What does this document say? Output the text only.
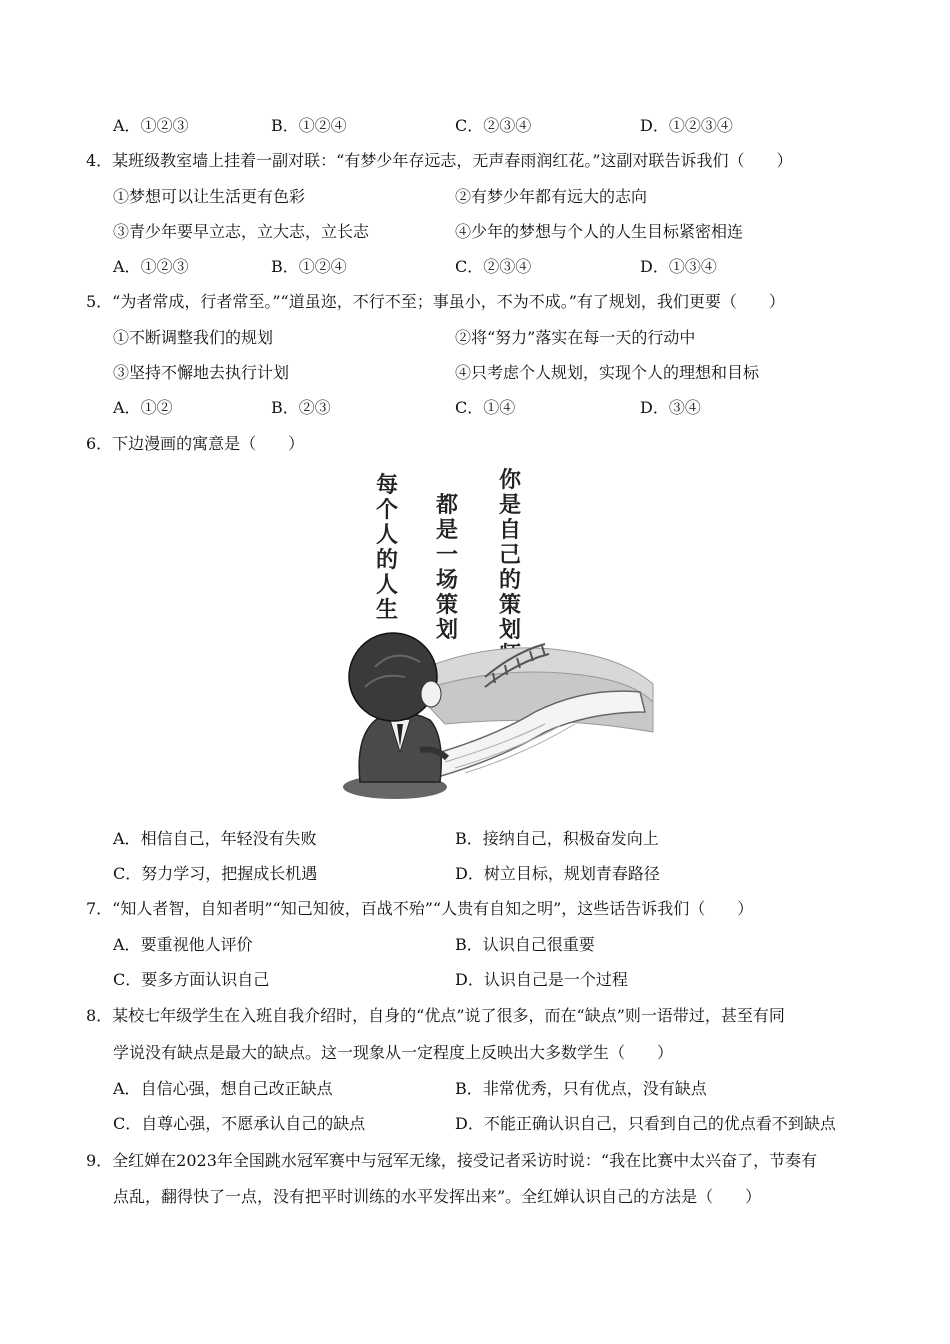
A．①②③	B．①②④	C．②③④	D．①②③④
4．某班级教室墙上挂着一副对联：“有梦少年存远志，无声春雨润红花。”这副对联告诉我们（　　）
①梦想可以让生活更有色彩	②有梦少年都有远大的志向
③青少年要早立志，立大志，立长志	④少年的梦想与个人的人生目标紧密相连
A．①②③	B．①②④	C．②③④	D．①③④
5．“为者常成，行者常至。”“道虽迩，不行不至；事虽小，不为不成。”有了规划，我们更要（　　）
①不断调整我们的规划	②将“努力”落实在每一天的行动中
③坚持不懈地去执行计划	④只考虑个人规划，实现个人的理想和目标
A．①②	B．②③	C．①④	D．③④
6．下边漫画的寓意是（　　）
每
个
人
的
人
生
都
是
一
场
策
划
你
是
自
己
的
策
划
A．相信自己，年轻没有失败	B．接纳自己，积极奋发向上
C．努力学习，把握成长机遇	D．树立目标，规划青春路径
7．“知人者智，自知者明”“知己知彼，百战不殆”“人贵有自知之明”，这些话告诉我们（　　）
A．要重视他人评价	B．认识自己很重要
C．要多方面认识自己	D．认识自己是一个过程
8．某校七年级学生在入班自我介绍时，自身的“优点”说了很多，而在“缺点”则一语带过，甚至有同
学说没有缺点是最大的缺点。这一现象从一定程度上反映出大多数学生（　　）
A．自信心强，想自己改正缺点	B．非常优秀，只有优点，没有缺点
C．自尊心强，不愿承认自己的缺点	D．不能正确认识自己，只看到自己的优点看不到缺点
9．全红婵在2023年全国跳水冠军赛中与冠军无缘，接受记者采访时说：“我在比赛中太兴奋了，节奏有
点乱，翻得快了一点，没有把平时训练的水平发挥出来”。全红婵认识自己的方法是（　　）
